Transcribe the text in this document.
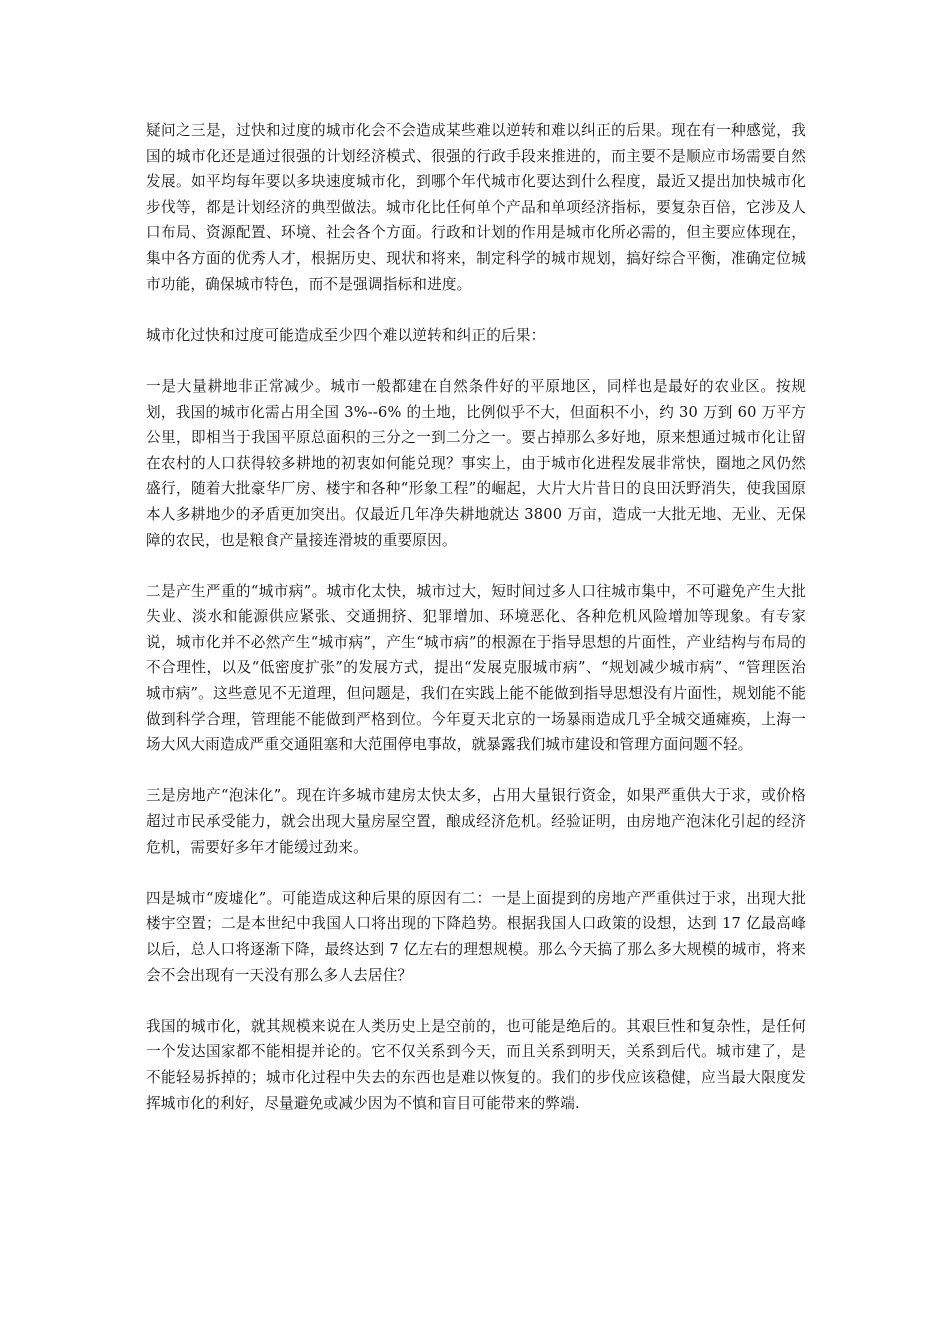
疑问之三是，过快和过度的城市化会不会造成某些难以逆转和难以纠正的后果。现在有一种感觉，我国的城市化还是通过很强的计划经济模式、很强的行政手段来推进的，而主要不是顺应市场需要自然发展。如平均每年要以多块速度城市化，到哪个年代城市化要达到什么程度，最近又提出加快城市化步伐等，都是计划经济的典型做法。城市化比任何单个产品和单项经济指标，要复杂百倍，它涉及人口布局、资源配置、环境、社会各个方面。行政和计划的作用是城市化所必需的，但主要应体现在，集中各方面的优秀人才，根据历史、现状和将来，制定科学的城市规划，搞好综合平衡，准确定位城市功能，确保城市特色，而不是强调指标和进度。

城市化过快和过度可能造成至少四个难以逆转和纠正的后果：

一是大量耕地非正常减少。城市一般都建在自然条件好的平原地区，同样也是最好的农业区。按规划，我国的城市化需占用全国 3%--6% 的土地，比例似乎不大，但面积不小，约 30 万到 60 万平方公里，即相当于我国平原总面积的三分之一到二分之一。要占掉那么多好地，原来想通过城市化让留在农村的人口获得较多耕地的初衷如何能兑现？事实上，由于城市化进程发展非常快，圈地之风仍然盛行，随着大批豪华厂房、楼宇和各种“形象工程”的崛起，大片大片昔日的良田沃野消失，使我国原本人多耕地少的矛盾更加突出。仅最近几年净失耕地就达 3800 万亩，造成一大批无地、无业、无保障的农民，也是粮食产量接连滑坡的重要原因。

二是产生严重的“城市病”。城市化太快，城市过大，短时间过多人口往城市集中，不可避免产生大批失业、淡水和能源供应紧张、交通拥挤、犯罪增加、环境恶化、各种危机风险增加等现象。有专家说，城市化并不必然产生“城市病”，产生“城市病”的根源在于指导思想的片面性，产业结构与布局的不合理性，以及“低密度扩张”的发展方式，提出“发展克服城市病”、“规划减少城市病”、“管理医治城市病”。这些意见不无道理，但问题是，我们在实践上能不能做到指导思想没有片面性，规划能不能做到科学合理，管理能不能做到严格到位。今年夏天北京的一场暴雨造成几乎全城交通瘫痪，上海一场大风大雨造成严重交通阻塞和大范围停电事故，就暴露我们城市建设和管理方面问题不轻。

三是房地产“泡沫化”。现在许多城市建房太快太多，占用大量银行资金，如果严重供大于求，或价格超过市民承受能力，就会出现大量房屋空置，酿成经济危机。经验证明，由房地产泡沫化引起的经济危机，需要好多年才能缓过劲来。

四是城市“废墟化”。可能造成这种后果的原因有二：一是上面提到的房地产严重供过于求，出现大批楼宇空置；二是本世纪中我国人口将出现的下降趋势。根据我国人口政策的设想，达到 17 亿最高峰以后，总人口将逐渐下降，最终达到 7 亿左右的理想规模。那么今天搞了那么多大规模的城市，将来会不会出现有一天没有那么多人去居住？

我国的城市化，就其规模来说在人类历史上是空前的，也可能是绝后的。其艰巨性和复杂性，是任何一个发达国家都不能相提并论的。它不仅关系到今天，而且关系到明天，关系到后代。城市建了，是不能轻易拆掉的；城市化过程中失去的东西也是难以恢复的。我们的步伐应该稳健，应当最大限度发挥城市化的利好，尽量避免或减少因为不慎和盲目可能带来的弊端.
